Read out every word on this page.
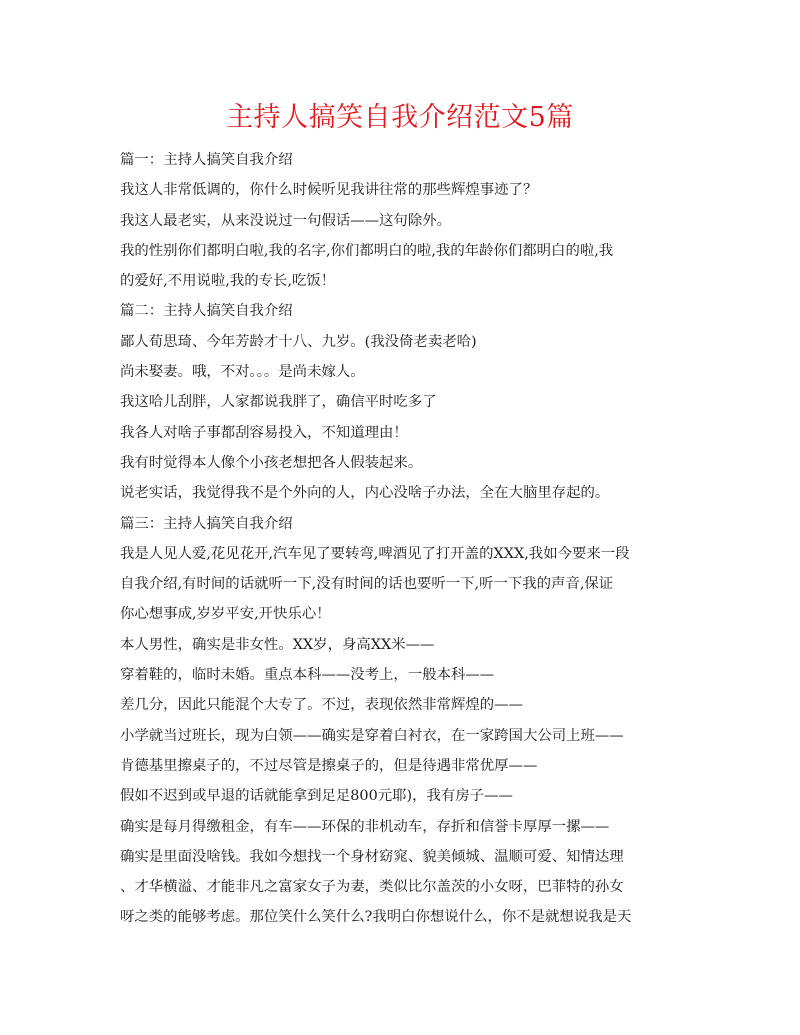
主持人搞笑自我介绍范文5篇
篇一：主持人搞笑自我介绍
我这人非常低调的，你什么时候听见我讲往常的那些辉煌事迹了？
我这人最老实，从来没说过一句假话——这句除外。
我的性别你们都明白啦,我的名字,你们都明白的啦,我的年龄你们都明白的啦,我
的爱好,不用说啦,我的专长,吃饭！
篇二：主持人搞笑自我介绍
鄙人荀思琦、今年芳龄才十八、九岁。(我没倚老卖老哈)
尚未娶妻。哦，不对。。。是尚未嫁人。
我这哈儿刮胖，人家都说我胖了，确信平时吃多了
我各人对啥子事都刮容易投入，不知道理由！
我有时觉得本人像个小孩老想把各人假装起来。
说老实话，我觉得我不是个外向的人，内心没啥子办法，全在大脑里存起的。
篇三：主持人搞笑自我介绍
我是人见人爱,花见花开,汽车见了要转弯,啤酒见了打开盖的XXX,我如今要来一段
自我介绍,有时间的话就听一下,没有时间的话也要听一下,听一下我的声音,保证
你心想事成,岁岁平安,开快乐心！
本人男性，确实是非女性。XX岁，身高XX米——
穿着鞋的，临时未婚。重点本科——没考上，一般本科——
差几分，因此只能混个大专了。不过，表现依然非常辉煌的——
小学就当过班长，现为白领——确实是穿着白衬衣，在一家跨国大公司上班——
肯德基里擦桌子的，不过尽管是擦桌子的，但是待遇非常优厚——
假如不迟到或早退的话就能拿到足足800元耶)，我有房子——
确实是每月得缴租金，有车——环保的非机动车，存折和信誉卡厚厚一摞——
确实是里面没啥钱。我如今想找一个身材窈窕、貌美倾城、温顺可爱、知情达理
、才华横溢、才能非凡之富家女子为妻，类似比尔盖茨的小女呀，巴菲特的孙女
呀之类的能够考虑。那位笑什么笑什么?我明白你想说什么，你不是就想说我是天
